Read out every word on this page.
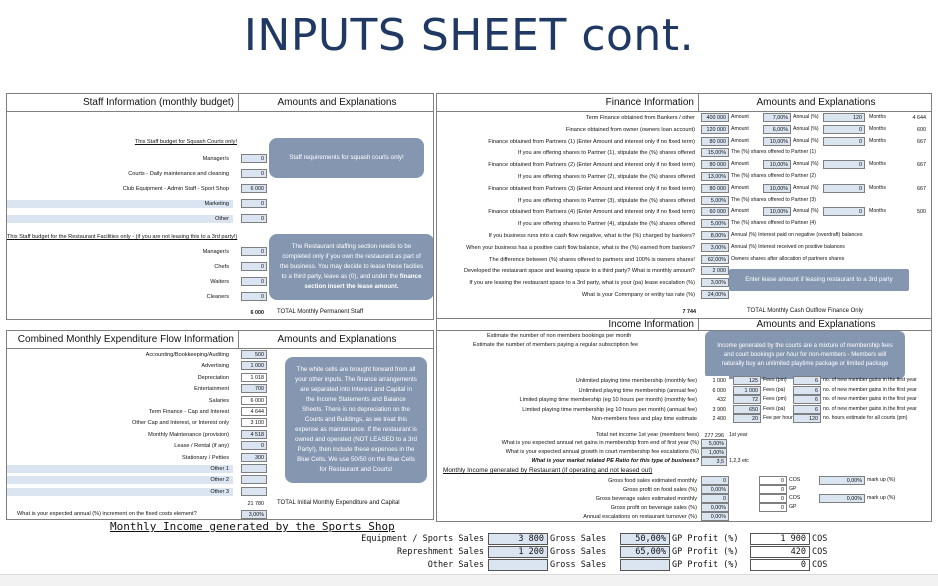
INPUTS SHEET cont.
Staff Information (monthly budget)	Amounts and Explanations
This Staff budget for Squash Courts only!
Manager/s	0
Courts - Daily maintenance and cleaning	0
Club Equipment - Admin Staff - Sport Shop	6 000
Marketing	0
Other	0
This Staff budget for the Restaurant Facilities only - (if you are not leasing this to a 3rd party!)
Manager/s	0
Chefs	0
Waiters	0
Cleaners	0
6 000	TOTAL Monthly Permanent Staff
Staff requirements for squash courts only!
The Restaurant staffing section needs to be completed only if you own the restaurant as part of the business. You may decide to lease these facities to a third party, leave as (0), and under the finance section insert the lease amount.
Finance Information	Amounts and Explanations
Term Finance obtained from Bankers / other	400 000 Amount	7,00% Annual (%)	120	Months	4 644
Finance obtained from owner (owners loan account)	120 000 Amount	6,00% Annual (%)	0	Months	600
Finance obtained from Partners (1) (Enter Amount and interest only if no fixed term)	80 000 Amount	10,00% Annual (%)	0	Months	667
If you are offering shares to Partner (1), stipulate the (%) shares offered	15,00% The (%) shares offered to Partner (1)
Finance obtained from Partners (2) (Enter Amount and interest only if no fixed term)	80 000 Amount	10,00% Annual (%)	0	Months	667
If you are offering shares to Partner (2), stipulate the (%) shares offered	13,00% The (%) shares offered to Partner (2)
Finance obtained from Partners (3) (Enter Amount and interest only if no fixed term)	80 000 Amount	10,00% Annual (%)	0	Months	667
If you are offering shares to Partner (3), stipulate the (%) shares offered	5,00% The (%) shares offered to Partner (3)
Finance obtained from Partners (4) (Enter Amount and interest only if no fixed term)	60 000 Amount	10,00% Annual (%)	0	Months	500
If you are offering shares to Partner (4), stipulate the (%) shares offered	5,00% The (%) shares offered to Partner (4)
If you business runs into a cash flow negative, what is the (%) charged by bankers?	8,00% Annual (%) Interest paid on negative (overdraft) balances
When your business has a positive cash flow balance, what is the (%) earned from bankers?	3,00% Annual (%) Interest received on positive balances
The difference between (%) shares offered to partners and 100% is owners shares!	62,00% Owners shares after allocation of partners shares
Developed the restaurant space and leasing space to a third party? What is monthly amount?	2 000
If you are leasing the restaurant space to a 3rd party, what is your (pa) lease escalation (%)	3,00%
What is your Commpany or entity tax rate (%)	24,00%
7 744	TOTAL Monthly Cash Outflow Finance Only
Enter lease amount if leasing restaurant to a 3rd party
Combined Monthly Expenditure Flow Information	Amounts and Explanations
Accounting/Bookkeeping/Auditing	500
Advertising	1 000
Depreciation	1 018
Entertainment	700
Salaries	6 000
Term Finance - Cap and Interest	4 644
Other Cap and Interest, or Interest only	3 100
Monthly Maintenance (provision)	4 518
Lease / Rental (if any)	0
Stationary / Petties	300
Other 1
Other 2
Other 3
21 780	TOTAL Initial Monthly Expenditure and Capital
What is your expected annual (%) increment on the fixed costs element?	3,00%
The white cells are brought forward from all your other inputs. The finance arrangements are separated into Interest and Capital in the Income Statements and Balance Sheets. There is no depreciation on the Courts and Buildings, as we treat this expense as maintenance. If the restaurant is owned and operated (NOT LEASED to a 3rd Party!), then include these expenses in the Blue Cells. We use 50/50 on the Blue Cells for Restaurant and Courts!
Income Information	Amounts and Explanations
Estimate the number of non members bookings per month
Estimate the number of members paying a regular subscription fee	Income generated by the courts are a mixture of membership fees and court bookings per hour for non-members - Members will naturally buy an unlimited playtime package or limited package
Unlimited playing time membership (monthly fee)	1 000	125 Fees (pm)	6 no. of new member gains in the first year
Unlimited playing time membership (annual fee)	6 000	1 000 Fees (pa)	6 no. of new member gains in the first year
Limited playing time membership (eg 10 hours per month) (monthly fee)	432	72 Fees (pm)	6 no. of new member gains in the first year
Limited playing time membership (eg 10 hours per month) (annual fee)	3 900	650 Fees (pa)	6 no. of new member gains in the first year
Non-members fees and play time estimate	2 400	20 Fee per hour	120 no. hours estimate for all courts (pm)
Total net income 1st year (members fees)	277 296 1st year
What is you expected annual net gains in membership from end of first year (%)	5,00%
What is your expected annual growth in court membership fee escalations (%)	1,00%
What is your market related PE Ratio for this type of business?	3,5 1,2,3 etc
Monthly Income generated by Restaurant (if operating and not leased out)
Gross food sales estimated monthly	0	0 COS	0,00% mark up (%)
Gross profit on food sales (%)	0,00%	0 GP
Gross beverage sales estimated monthly	0	0 COS	0,00% mark up (%)
Gross profit on beverage sales (%)	0,00%	0 GP
Annual escalations on restaurant turnover (%)	0,00%
Monthly Income generated by the Sports Shop
Equipment / Sports Sales	3 800 Gross Sales	50,00% GP Profit (%)	1 900 COS
Represhment Sales	1 200 Gross Sales	65,00% GP Profit (%)	420 COS
Other Sales	Gross Sales	GP Profit (%)	0 COS
